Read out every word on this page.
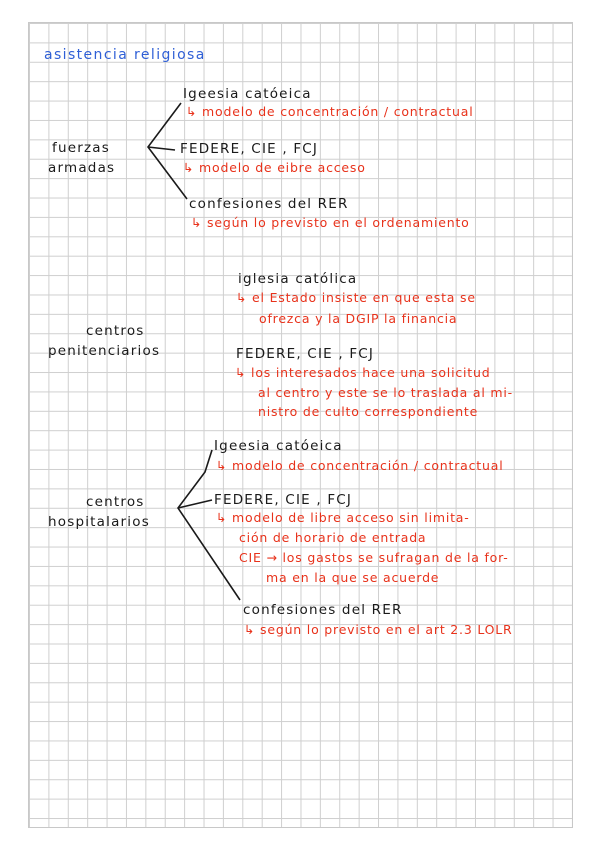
asistencia religiosa
fuerzas
armadas
Igeesia catóeica
↳ modelo de concentración / contractual
FEDERE, CIE , FCJ
↳ modelo de eibre acceso
confesiones del RER
↳ según lo previsto en el ordenamiento
centros
penitenciarios
iglesia católica
↳ el Estado insiste en que esta se
ofrezca y la DGIP la financia
FEDERE, CIE , FCJ
↳ los interesados hace una solicitud
al centro y este se lo traslada al mi-
nistro de culto correspondiente
centros
hospitalarios
Igeesia catóeica
↳ modelo de concentración / contractual
FEDERE, CIE , FCJ
↳ modelo de libre acceso sin limita-
ción de horario de entrada
CIE → los gastos se sufragan de la for-
ma en la que se acuerde
confesiones del RER
↳ según lo previsto en el art 2.3 LOLR
